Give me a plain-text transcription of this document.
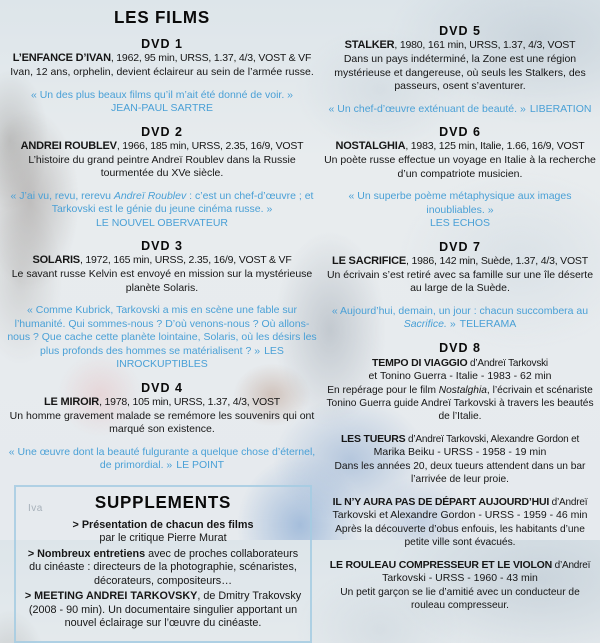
LES FILMS
DVD 1
L’ENFANCE D’IVAN, 1962, 95 min, URSS, 1.37, 4/3, VOST & VF
Ivan, 12 ans, orphelin, devient éclaireur au sein de l’armée russe.
« Un des plus beaux films qu’il m’ait été donné de voir. »
JEAN-PAUL SARTRE
DVD 2
ANDREI ROUBLEV, 1966, 185 min, URSS, 2.35, 16/9, VOST
L’histoire du grand peintre Andreï Roublev dans la Russie tourmentée du XVe siècle.
« J’ai vu, revu, rerevu Andreï Roublev : c’est un chef-d’œuvre ; et Tarkovski est le génie du jeune cinéma russe. »
LE NOUVEL OBERVATEUR
DVD 3
SOLARIS, 1972, 165 min, URSS, 2.35, 16/9, VOST & VF
Le savant russe Kelvin est envoyé en mission sur la mystérieuse planète Solaris.
« Comme Kubrick, Tarkovski a mis en scène une fable sur l’humanité. Qui sommes-nous ? D’où venons-nous ? Où allons-nous ? Que cache cette planète lointaine, Solaris, où les désirs les plus profonds des hommes se matérialisent ? » LES INROCKUPTIBLES
DVD 4
LE MIROIR, 1978, 105 min, URSS, 1.37, 4/3, VOST
Un homme gravement malade se remémore les souvenirs qui ont marqué son existence.
« Une œuvre dont la beauté fulgurante a quelque chose d’éternel, de primordial. » LE POINT
SUPPLEMENTS
> Présentation de chacun des films
par le critique Pierre Murat
> Nombreux entretiens avec de proches collaborateurs du cinéaste : directeurs de la photographie, scénaristes, décorateurs, compositeurs…
> MEETING ANDREI TARKOVSKY, de Dmitry Trakovsky (2008 - 90 min). Un documentaire singulier apportant un nouvel éclairage sur l’œuvre du cinéaste.
DVD 5
STALKER, 1980, 161 min, URSS, 1.37, 4/3, VOST
Dans un pays indéterminé, la Zone est une région mystérieuse et dangereuse, où seuls les Stalkers, des passeurs, osent s’aventurer.
« Un chef-d’œuvre exténuant de beauté. » LIBERATION
DVD 6
NOSTALGHIA, 1983, 125 min, Italie, 1.66, 16/9, VOST
Un poète russe effectue un voyage en Italie à la recherche d’un compatriote musicien.
« Un superbe poème métaphysique aux images inoubliables. »
LES ECHOS
DVD 7
LE SACRIFICE, 1986, 142 min, Suède, 1.37, 4/3, VOST
Un écrivain s’est retiré avec sa famille sur une île déserte au large de la Suède.
« Aujourd’hui, demain, un jour : chacun succombera au Sacrifice. » TELERAMA
DVD 8
TEMPO DI VIAGGIO d’Andreï Tarkovski
et Tonino Guerra - Italie - 1983 - 62 min
En repérage pour le film Nostalghia, l’écrivain et scénariste Tonino Guerra guide Andreï Tarkovski à travers les beautés de l’Italie.
LES TUEURS d’Andreï Tarkovski, Alexandre Gordon et
Marika Beiku - URSS - 1958 - 19 min
Dans les années 20, deux tueurs attendent dans un bar l’arrivée de leur proie.
IL N’Y AURA PAS DE DÉPART AUJOURD’HUI d’Andreï
Tarkovski et Alexandre Gordon - URSS - 1959 - 46 min
Après la découverte d’obus enfouis, les habitants d’une petite ville sont évacués.
LE ROULEAU COMPRESSEUR ET LE VIOLON d’Andreï
Tarkovski - URSS - 1960 - 43 min
Un petit garçon se lie d’amitié avec un conducteur de rouleau compresseur.
Iva
